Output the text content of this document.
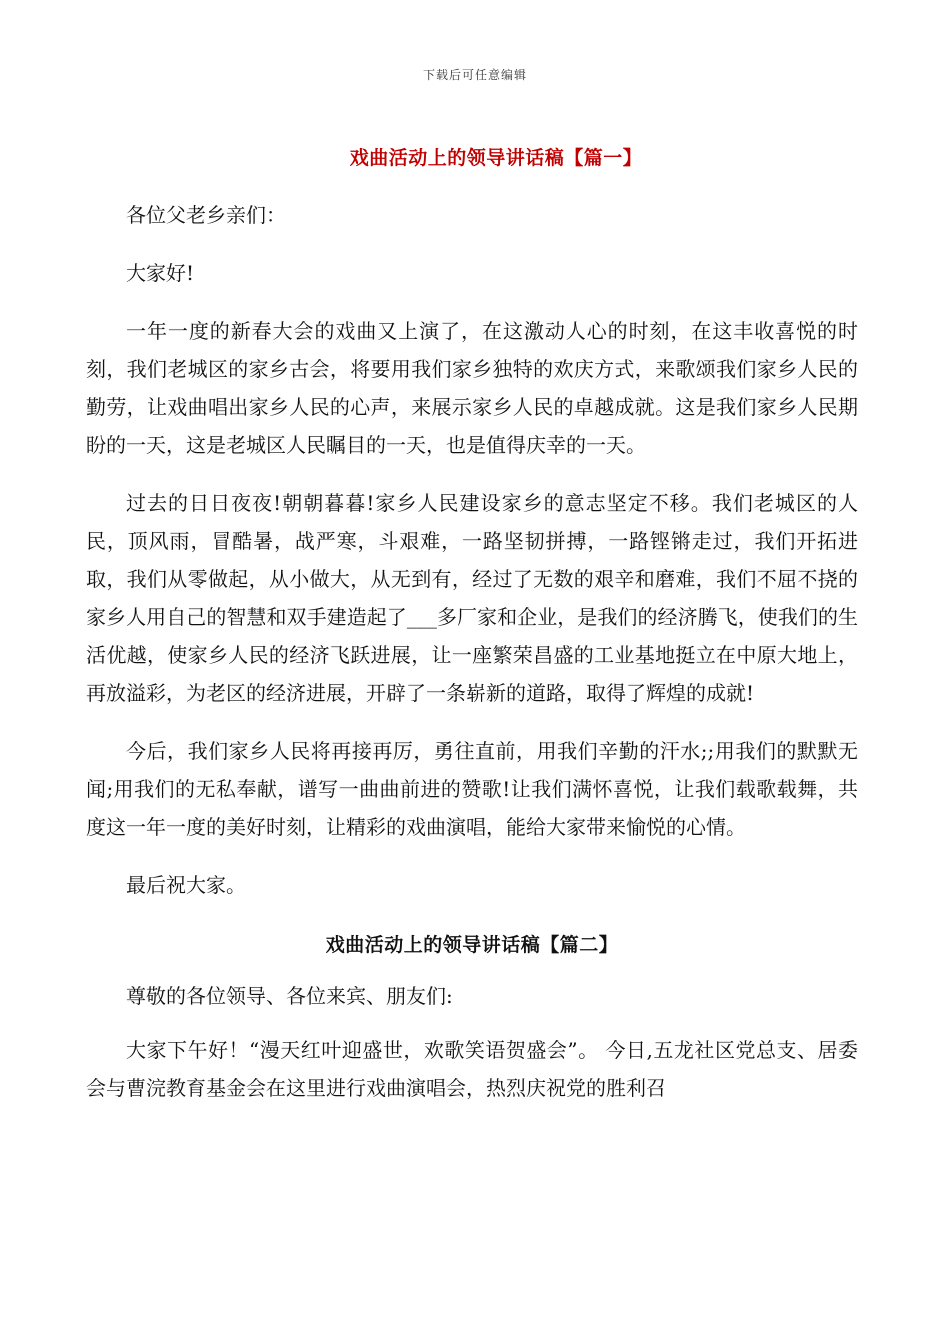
下载后可任意编辑
戏曲活动上的领导讲话稿【篇一】

各位父老乡亲们：

大家好!

一年一度的新春大会的戏曲又上演了，在这激动人心的时刻，在这丰收喜悦的时刻，我们老城区的家乡古会，将要用我们家乡独特的欢庆方式，来歌颂我们家乡人民的勤劳，让戏曲唱出家乡人民的心声，来展示家乡人民的卓越成就。这是我们家乡人民期盼的一天，这是老城区人民瞩目的一天，也是值得庆幸的一天。

过去的日日夜夜!朝朝暮暮!家乡人民建设家乡的意志坚定不移。我们老城区的人民，顶风雨，冒酷暑，战严寒，斗艰难，一路坚韧拼搏，一路铿锵走过，我们开拓进取，我们从零做起，从小做大，从无到有，经过了无数的艰辛和磨难，我们不屈不挠的家乡人用自己的智慧和双手建造起了___多厂家和企业，是我们的经济腾飞，使我们的生活优越，使家乡人民的经济飞跃进展，让一座繁荣昌盛的工业基地挺立在中原大地上，再放溢彩，为老区的经济进展，开辟了一条崭新的道路，取得了辉煌的成就!

今后，我们家乡人民将再接再厉，勇往直前，用我们辛勤的汗水;;用我们的默默无闻;用我们的无私奉献，谱写一曲曲前进的赞歌!让我们满怀喜悦，让我们载歌载舞，共度这一年一度的美好时刻，让精彩的戏曲演唱，能给大家带来愉悦的心情。

最后祝大家。

戏曲活动上的领导讲话稿【篇二】

尊敬的各位领导、各位来宾、朋友们:

大家下午好！“漫天红叶迎盛世，欢歌笑语贺盛会”。 今日,五龙社区党总支、居委会与曹浣教育基金会在这里进行戏曲演唱会，热烈庆祝党的胜利召
